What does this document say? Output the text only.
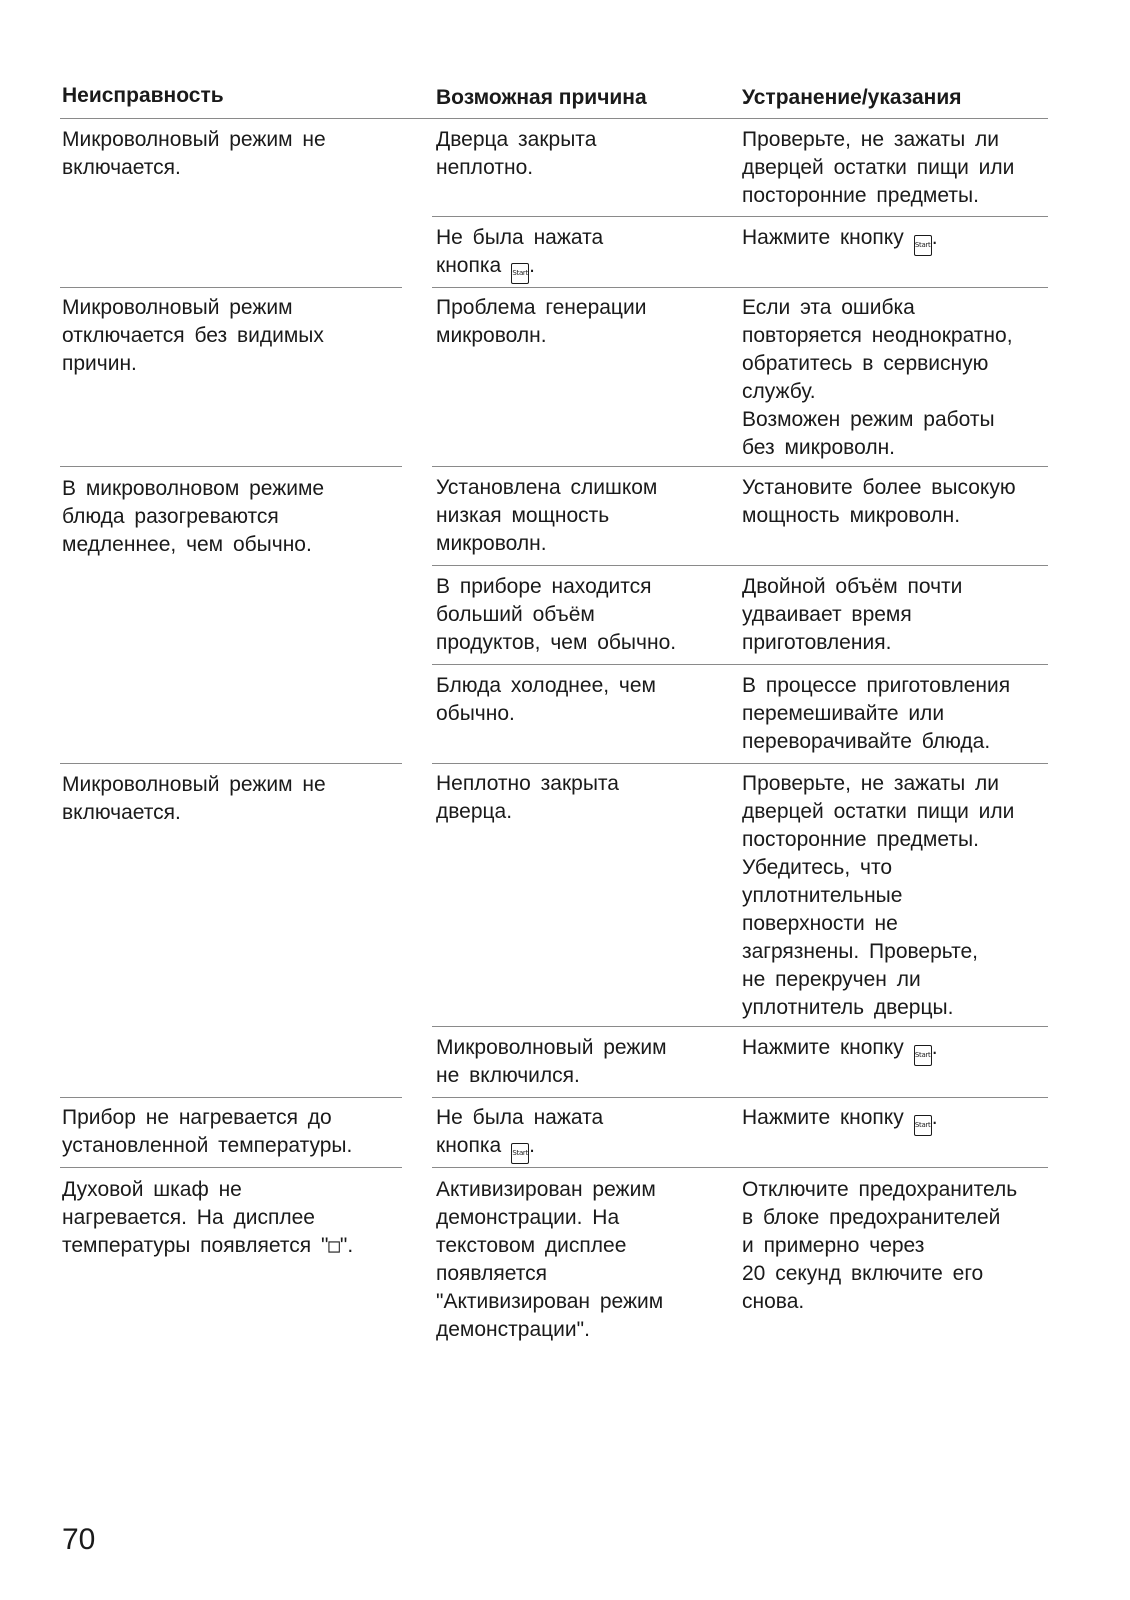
Неисправность	Возможная причина	Устранение/указания
Микроволновый режим не
включается.
Дверца закрыта
неплотно.
Проверьте, не зажаты ли
дверцей остатки пищи или
посторонние предметы.
Не была нажата
кнопка Start.
Нажмите кнопку Start.
Микроволновый режим
отключается без видимых
причин.
Проблема генерации
микроволн.
Если эта ошибка
повторяется неоднократно,
обратитесь в сервисную
службу.
Возможен режим работы
без микроволн.
В микроволновом режиме
блюда разогреваются
медленнее, чем обычно.
Установлена слишком
низкая мощность
микроволн.
Установите более высокую
мощность микроволн.
В приборе находится
больший объём
продуктов, чем обычно.
Двойной объём почти
удваивает время
приготовления.
Блюда холоднее, чем
обычно.
В процессе приготовления
перемешивайте или
переворачивайте блюда.
Микроволновый режим не
включается.
Неплотно закрыта
дверца.
Проверьте, не зажаты ли
дверцей остатки пищи или
посторонние предметы.
Убедитесь, что
уплотнительные
поверхности не
загрязнены. Проверьте,
не перекручен ли
уплотнитель дверцы.
Микроволновый режим
не включился.
Нажмите кнопку Start.
Прибор не нагревается до
установленной температуры.
Не была нажата
кнопка Start.
Нажмите кнопку Start.
Духовой шкаф не
нагревается. На дисплее
температуры появляется "□".
Активизирован режим
демонстрации. На
текстовом дисплее
появляется
"Активизирован режим
демонстрации".
Отключите предохранитель
в блоке предохранителей
и примерно через
20 секунд включите его
снова.
70
